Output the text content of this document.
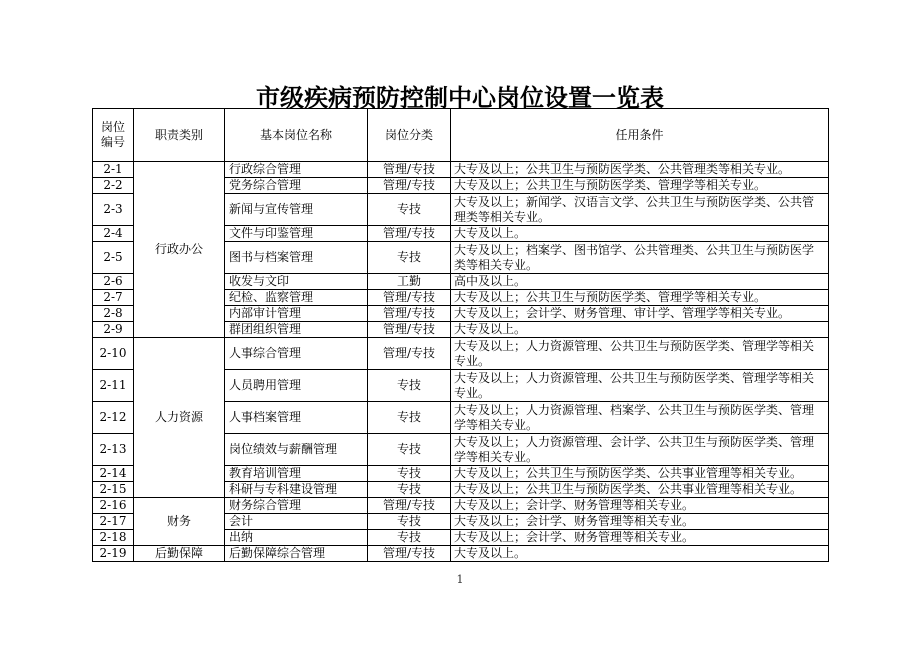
市级疾病预防控制中心岗位设置一览表
岗位编号	职责类别	基本岗位名称	岗位分类	任用条件
2-1	行政办公	行政综合管理	管理/专技	大专及以上；公共卫生与预防医学类、公共管理类等相关专业。
2-2		党务综合管理	管理/专技	大专及以上；公共卫生与预防医学类、管理学等相关专业。
2-3		新闻与宣传管理	专技	大专及以上；新闻学、汉语言文学、公共卫生与预防医学类、公共管理类等相关专业。
2-4		文件与印鉴管理	管理/专技	大专及以上。
2-5		图书与档案管理	专技	大专及以上；档案学、图书馆学、公共管理类、公共卫生与预防医学类等相关专业。
2-6		收发与文印	工勤	高中及以上。
2-7		纪检、监察管理	管理/专技	大专及以上；公共卫生与预防医学类、管理学等相关专业。
2-8		内部审计管理	管理/专技	大专及以上；会计学、财务管理、审计学、管理学等相关专业。
2-9		群团组织管理	管理/专技	大专及以上。
2-10	人力资源	人事综合管理	管理/专技	大专及以上；人力资源管理、公共卫生与预防医学类、管理学等相关专业。
2-11		人员聘用管理	专技	大专及以上；人力资源管理、公共卫生与预防医学类、管理学等相关专业。
2-12		人事档案管理	专技	大专及以上；人力资源管理、档案学、公共卫生与预防医学类、管理学等相关专业。
2-13		岗位绩效与薪酬管理	专技	大专及以上；人力资源管理、会计学、公共卫生与预防医学类、管理学等相关专业。
2-14		教育培训管理	专技	大专及以上；公共卫生与预防医学类、公共事业管理等相关专业。
2-15		科研与专科建设管理	专技	大专及以上；公共卫生与预防医学类、公共事业管理等相关专业。
2-16	财务	财务综合管理	管理/专技	大专及以上；会计学、财务管理等相关专业。
2-17		会计	专技	大专及以上；会计学、财务管理等相关专业。
2-18		出纳	专技	大专及以上；会计学、财务管理等相关专业。
2-19	后勤保障	后勤保障综合管理	管理/专技	大专及以上。
1
